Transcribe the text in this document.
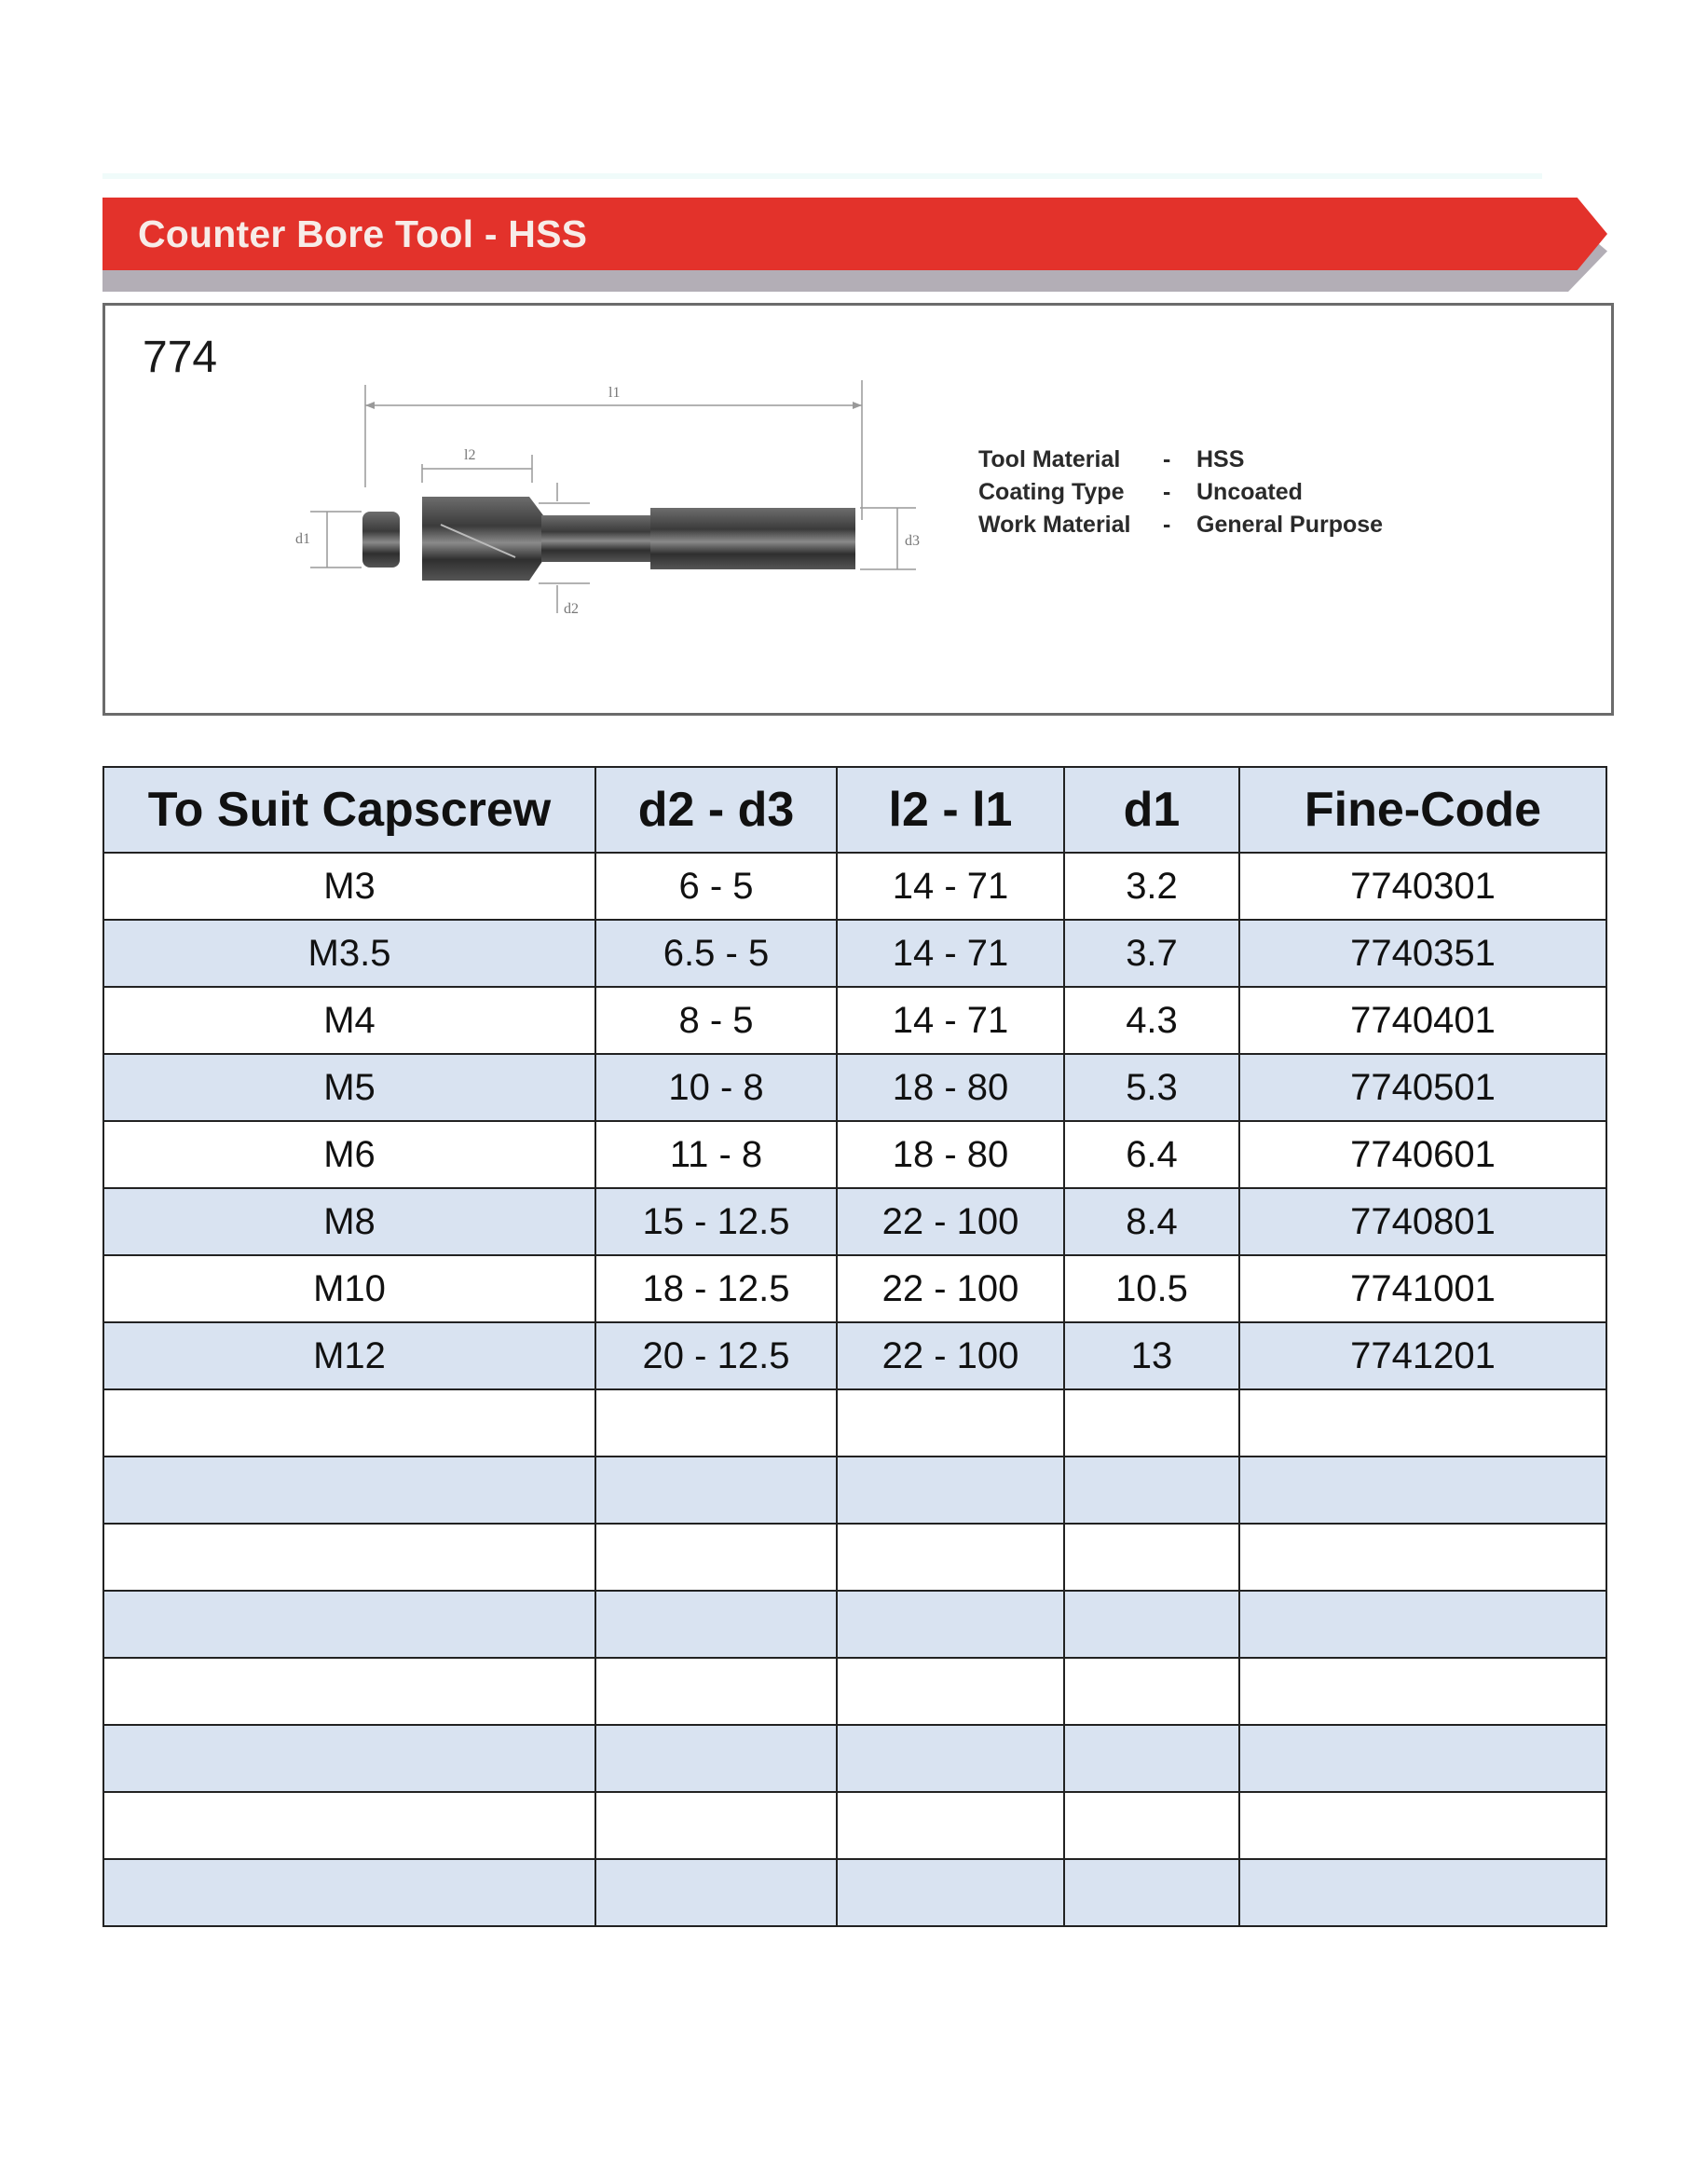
Counter Bore Tool - HSS
774
l1
l2
d1	d3
d2
Tool Material	-	HSS
Coating Type	-	Uncoated
Work Material	-	General Purpose
To Suit Capscrew	d2 - d3	l2 - l1	d1	Fine-Code
M3	6 - 5	14 - 71	3.2	7740301
M3.5	6.5 - 5	14 - 71	3.7	7740351
M4	8 - 5	14 - 71	4.3	7740401
M5	10 - 8	18 - 80	5.3	7740501
M6	11 - 8	18 - 80	6.4	7740601
M8	15 - 12.5	22 - 100	8.4	7740801
M10	18 - 12.5	22 - 100	10.5	7741001
M12	20 - 12.5	22 - 100	13	7741201
